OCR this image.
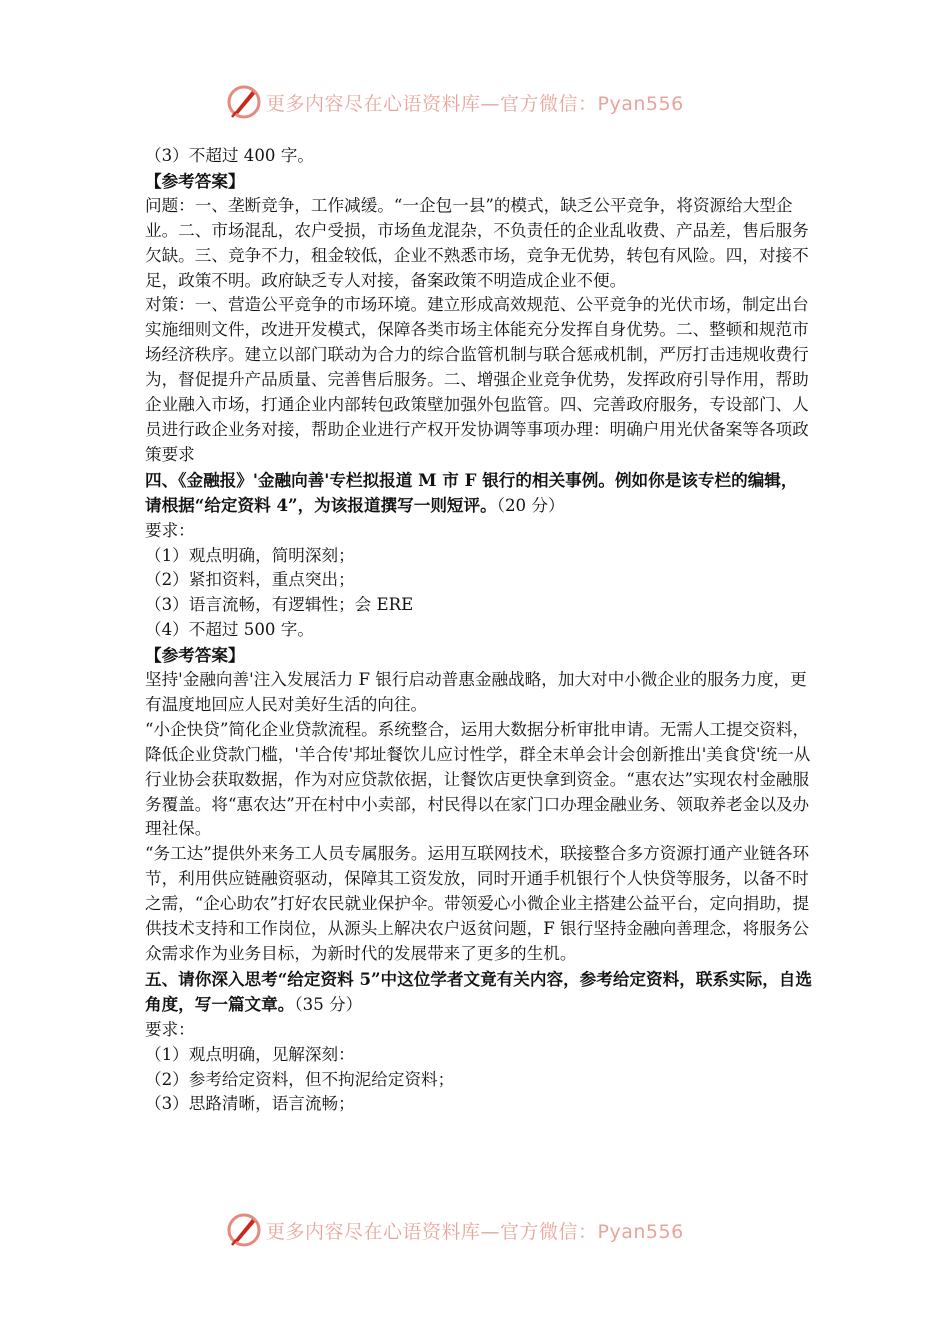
更多内容尽在心语资料库—官方微信：Pyan556

（3）不超过 400 字。

【参考答案】

问题：一、垄断竞争，工作减缓。“一企包一县”的模式，缺乏公平竞争，将资源给大型企业。二、市场混乱，农户受损，市场鱼龙混杂，不负责任的企业乱收费、产品差，售后服务欠缺。三、竞争不力，租金较低，企业不熟悉市场，竞争无优势，转包有风险。四，对接不足，政策不明。政府缺乏专人对接，备案政策不明造成企业不便。

对策：一、营造公平竞争的市场环境。建立形成高效规范、公平竞争的光伏市场，制定出台实施细则文件，改进开发模式，保障各类市场主体能充分发挥自身优势。二、整顿和规范市场经济秩序。建立以部门联动为合力的综合监管机制与联合惩戒机制，严厉打击违规收费行为，督促提升产品质量、完善售后服务。二、增强企业竞争优势，发挥政府引导作用，帮助企业融入市场，打通企业内部转包政策壁加强外包监管。四、完善政府服务，专设部门、人员进行政企业务对接，帮助企业进行产权开发协调等事项办理：明确户用光伏备案等各项政策要求

四、《金融报》'金融向善'专栏拟报道 M 市 F 银行的相关事例。例如你是该专栏的编辑，请根据“给定资料 4”，为该报道撰写一则短评。（20 分）

要求：

（1）观点明确，简明深刻；

（2）紧扣资料，重点突出；

（3）语言流畅，有逻辑性；会 ERE

（4）不超过 500 字。

【参考答案】

坚持'金融向善'注入发展活力 F 银行启动普惠金融战略，加大对中小微企业的服务力度，更有温度地回应人民对美好生活的向往。

“小企快贷”简化企业贷款流程。系统整合，运用大数据分析审批申请。无需人工提交资料，降低企业贷款门槛，'羊合传'邦址餐饮儿应讨性学，群全末单会计会创新推出'美食贷'统一从行业协会获取数据，作为对应贷款依据，让餐饮店更快拿到资金。“惠农达”实现农村金融服务覆盖。将“惠农达”开在村中小卖部，村民得以在家门口办理金融业务、领取养老金以及办理社保。

“务工达”提供外来务工人员专属服务。运用互联网技术，联接整合多方资源打通产业链各环节，利用供应链融资驱动，保障其工资发放，同时开通手机银行个人快贷等服务，以备不时之需，“企心助农”打好农民就业保护伞。带领爱心小微企业主搭建公益平台，定向捐助，提供技术支持和工作岗位，从源头上解决农户返贫问题，F 银行坚持金融向善理念，将服务公众需求作为业务目标，为新时代的发展带来了更多的生机。

五、请你深入思考“给定资料 5”中这位学者文竟有关内容，参考给定资料，联系实际，自选角度，写一篇文章。（35 分）

要求：

（1）观点明确，见解深刻：

（2）参考给定资料，但不拘泥给定资料；

（3）思路清晰，语言流畅；

更多内容尽在心语资料库—官方微信：Pyan556
